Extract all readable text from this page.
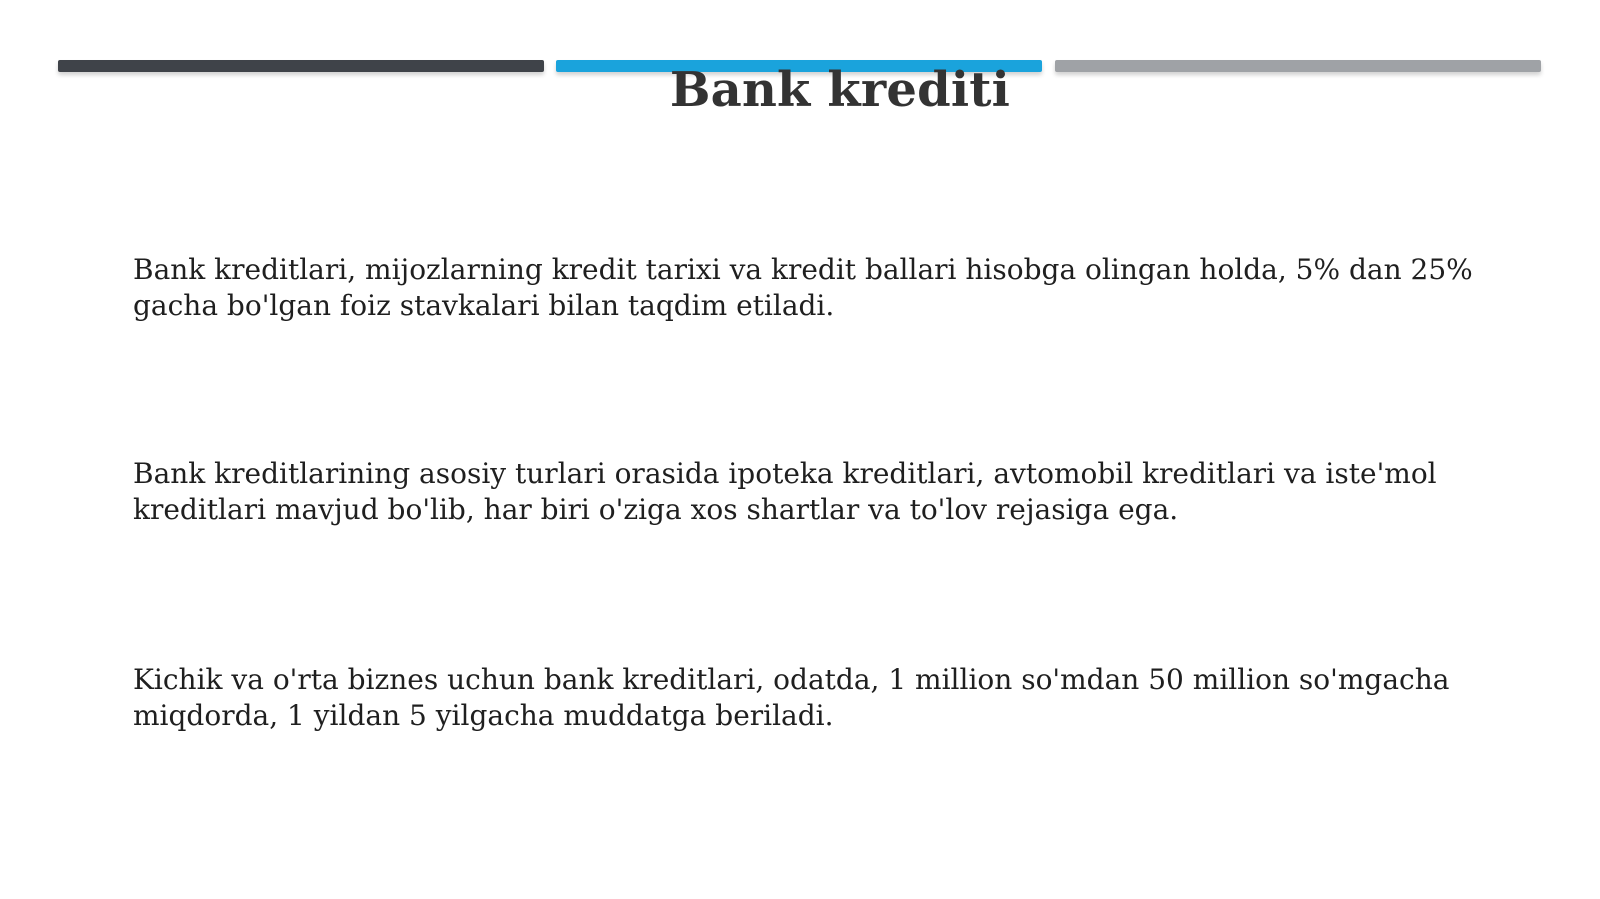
Bank krediti

Bank kreditlari, mijozlarning kredit tarixi va kredit ballari hisobga olingan holda, 5% dan 25% gacha bo'lgan foiz stavkalari bilan taqdim etiladi.

Bank kreditlarining asosiy turlari orasida ipoteka kreditlari, avtomobil kreditlari va iste'mol kreditlari mavjud bo'lib, har biri o'ziga xos shartlar va to'lov rejasiga ega.

Kichik va o'rta biznes uchun bank kreditlari, odatda, 1 million so'mdan 50 million so'mgacha miqdorda, 1 yildan 5 yilgacha muddatga beriladi.
